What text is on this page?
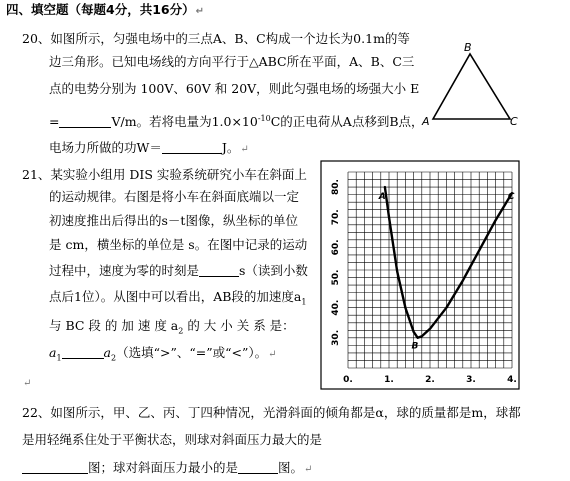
四、填空题（每题4分，共16分）↵
20、如图所示，匀强电场中的三点A、B、C构成一个边长为0.1m的等
边三角形。已知电场线的方向平行于△ABC所在平面，A、B、C三
点的电势分别为 100V、60V 和 20V，则此匀强电场的场强大小 E
=	V/m。若将电量为$1.0\times 10^{-10}C$的正电荷从A点移到B点，
电场力所做的功W＝	J。↵
B
A	C
21、某实验小组用 DIS 实验系统研究小车在斜面上
的运动规律。右图是将小车在斜面底端以一定
初速度推出后得出的s－t图像，纵坐标的单位
是 cm，横坐标的单位是 s。在图中记录的运动
过程中，速度为零的时刻是	s（读到小数
点后1位）。从图中可以看出，AB段的加速度$a_1$
与 BC 段 的 加 速 度 $a_2$ 的 大 小 关 系 是：
$a_1$	$a_2$（选填“>”、“=”或“<”）。↵
↵
30.
40.
50.
60.
70.
80.
0.	1.	2.	3.	4.
A
B
C
22、如图所示，甲、乙、丙、丁四种情况，光滑斜面的倾角都是α，球的质量都是m，球都
是用轻绳系住处于平衡状态，则球对斜面压力最大的是
图；球对斜面压力最小的是	图。↵
